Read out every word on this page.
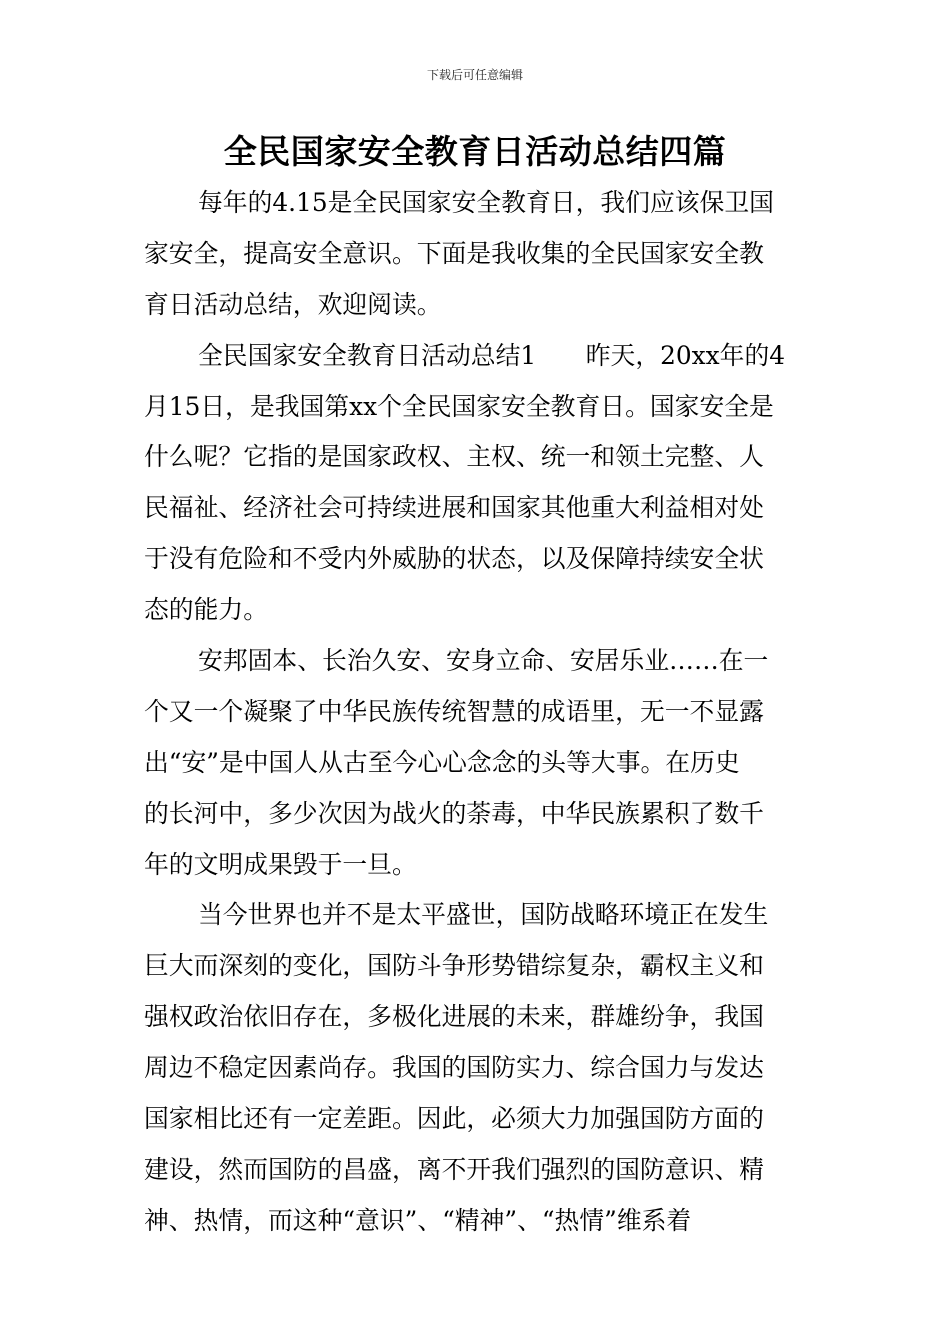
下载后可任意编辑
全民国家安全教育日活动总结四篇
每年的4.15是全民国家安全教育日，我们应该保卫国
家安全，提高安全意识。下面是我收集的全民国家安全教
育日活动总结，欢迎阅读。
全民国家安全教育日活动总结1　　昨天，20xx年的4
月15日，是我国第xx个全民国家安全教育日。国家安全是
什么呢？它指的是国家政权、主权、统一和领土完整、人
民福祉、经济社会可持续进展和国家其他重大利益相对处
于没有危险和不受内外威胁的状态，以及保障持续安全状
态的能力。
安邦固本、长治久安、安身立命、安居乐业……在一
个又一个凝聚了中华民族传统智慧的成语里，无一不显露
出“安”是中国人从古至今心心念念的头等大事。在历史
的长河中，多少次因为战火的荼毒，中华民族累积了数千
年的文明成果毁于一旦。
当今世界也并不是太平盛世，国防战略环境正在发生
巨大而深刻的变化，国防斗争形势错综复杂，霸权主义和
强权政治依旧存在，多极化进展的未来，群雄纷争，我国
周边不稳定因素尚存。我国的国防实力、综合国力与发达
国家相比还有一定差距。因此，必须大力加强国防方面的
建设，然而国防的昌盛，离不开我们强烈的国防意识、精
神、热情，而这种“意识”、“精神”、“热情”维系着
